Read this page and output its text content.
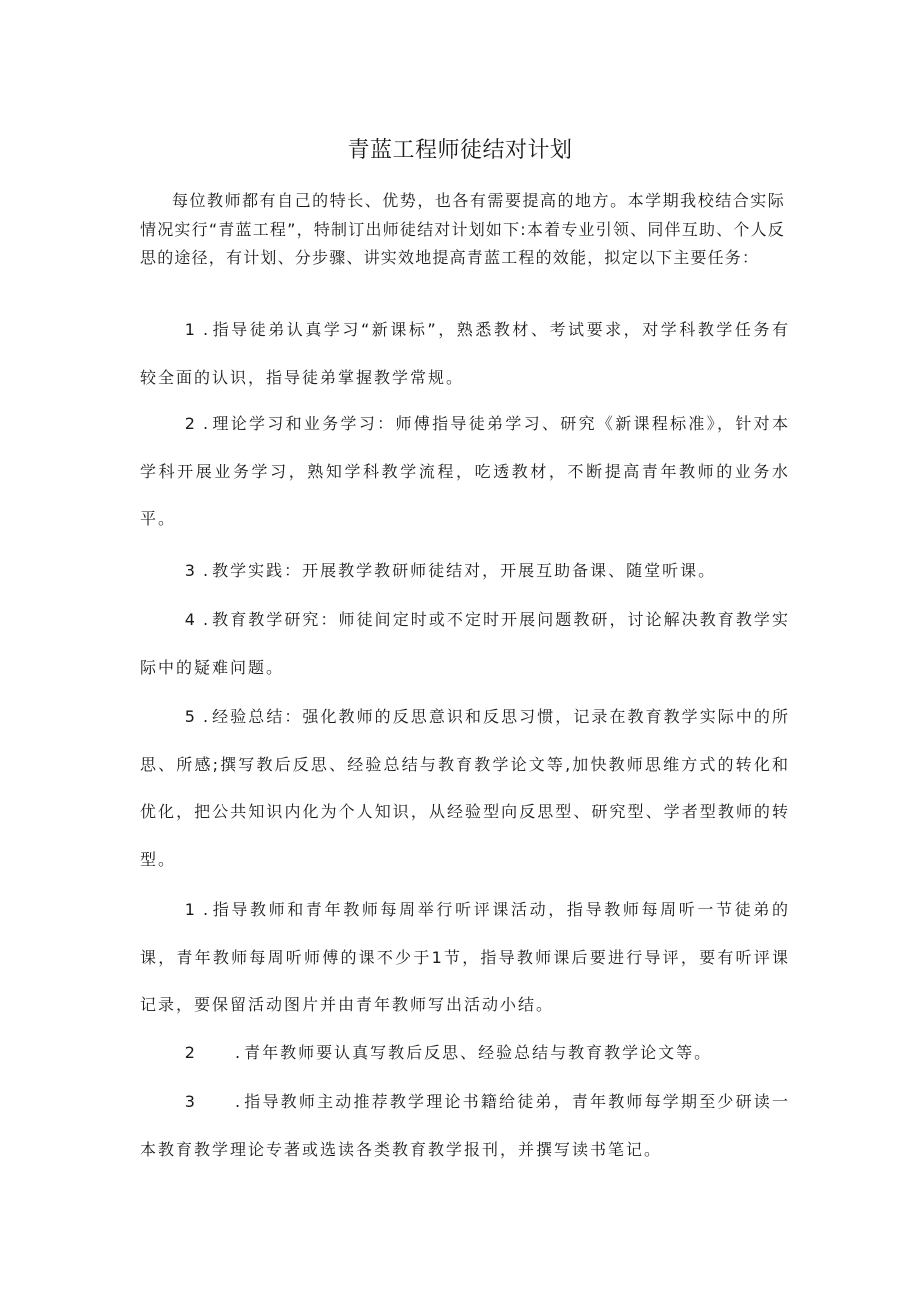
青蓝工程师徒结对计划

每位教师都有自己的特长、优势，也各有需要提高的地方。本学期我校结合实际情况实行“青蓝工程”，特制订出师徒结对计划如下:本着专业引领、同伴互助、个人反思的途径，有计划、分步骤、讲实效地提高青蓝工程的效能，拟定以下主要任务：

1 . 指导徒弟认真学习“新课标”，熟悉教材、考试要求，对学科教学任务有较全面的认识，指导徒弟掌握教学常规。

2 . 理论学习和业务学习：师傅指导徒弟学习、研究《新课程标准》，针对本学科开展业务学习，熟知学科教学流程，吃透教材，不断提高青年教师的业务水平。

3 . 教学实践：开展教学教研师徒结对，开展互助备课、随堂听课。

4 . 教育教学研究：师徒间定时或不定时开展问题教研，讨论解决教育教学实际中的疑难问题。

5 . 经验总结：强化教师的反思意识和反思习惯，记录在教育教学实际中的所思、所感;撰写教后反思、经验总结与教育教学论文等,加快教师思维方式的转化和优化，把公共知识内化为个人知识，从经验型向反思型、研究型、学者型教师的转型。

1 . 指导教师和青年教师每周举行听评课活动，指导教师每周听一节徒弟的课，青年教师每周听师傅的课不少于1节，指导教师课后要进行导评，要有听评课记录，要保留活动图片并由青年教师写出活动小结。

2	. 青年教师要认真写教后反思、经验总结与教育教学论文等。

3	. 指导教师主动推荐教学理论书籍给徒弟，青年教师每学期至少研读一本教育教学理论专著或选读各类教育教学报刊，并撰写读书笔记。
